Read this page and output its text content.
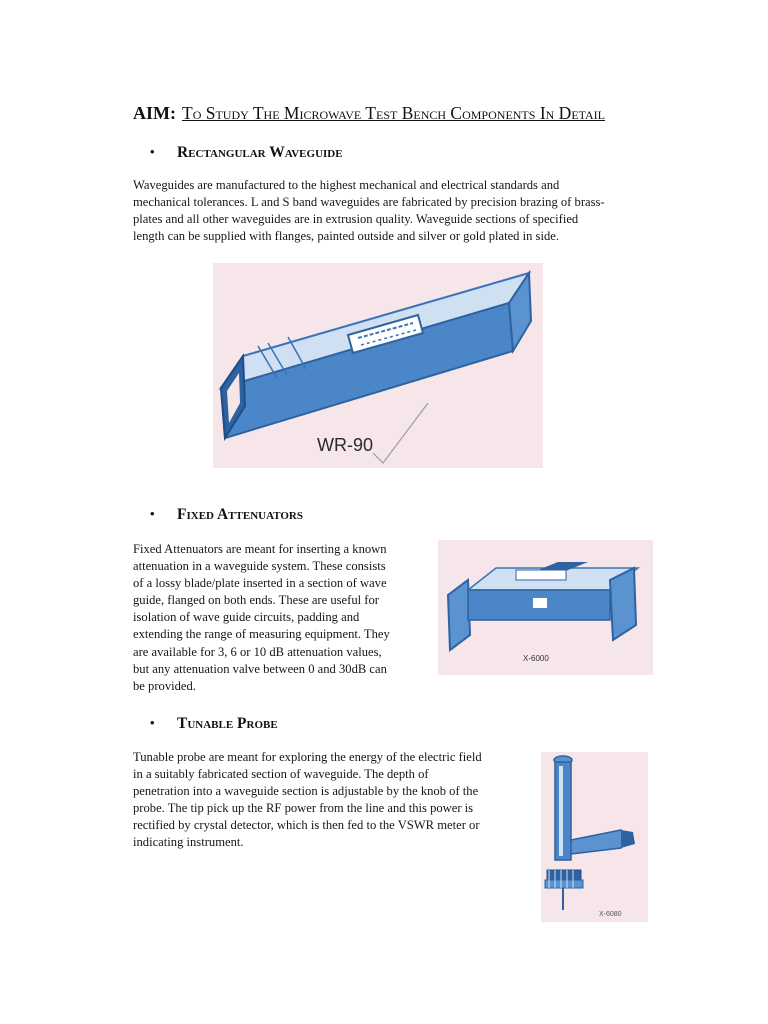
AIM: To Study The Microwave Test Bench Components In Detail
• Rectangular Waveguide
Waveguides are manufactured to the highest mechanical and electrical standards and
mechanical tolerances. L and S band waveguides are fabricated by precision brazing of brass-
plates and all other waveguides are in extrusion quality. Waveguide sections of specified
length can be supplied with flanges, painted outside and silver or gold plated in side.
WR-90
• Fixed Attenuators
Fixed Attenuators are meant for inserting a known
attenuation in a waveguide system. These consists
of a lossy blade/plate inserted in a section of wave
guide, flanged on both ends. These are useful for
isolation of wave guide circuits, padding and
extending the range of measuring equipment. They
are available for 3, 6 or 10 dB attenuation values,
but any attenuation valve between 0 and 30dB can
be provided.
X-6000
• Tunable Probe
Tunable probe are meant for exploring the energy of the electric field
in a suitably fabricated section of waveguide. The depth of
penetration into a waveguide section is adjustable by the knob of the
probe. The tip pick up the RF power from the line and this power is
rectified by crystal detector, which is then fed to the VSWR meter or
indicating instrument.
X-6080
